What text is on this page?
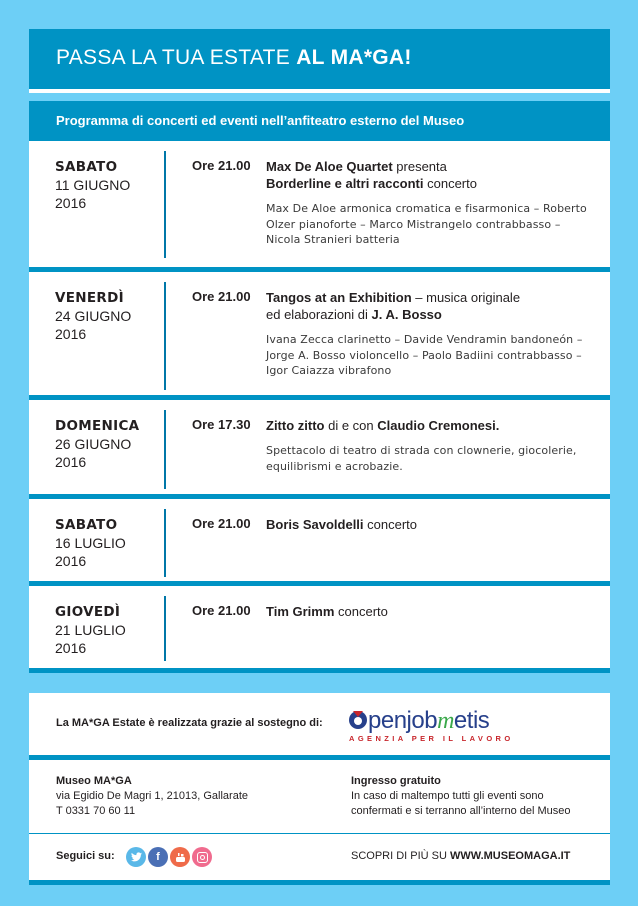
PASSA LA TUA ESTATE AL MA*GA!
Programma di concerti ed eventi nell’anfiteatro esterno del Museo
SABATO
11 GIUGNO
2016
Ore 21.00 Max De Aloe Quartet presenta
Borderline e altri racconti concerto
Max De Aloe armonica cromatica e fisarmonica – Roberto Olzer pianoforte – Marco Mistrangelo contrabbasso – Nicola Stranieri batteria
VENERDÌ
24 GIUGNO
2016
Ore 21.00 Tangos at an Exhibition – musica originale
ed elaborazioni di J. A. Bosso
Ivana Zecca clarinetto – Davide Vendramin bandoneón – Jorge A. Bosso violoncello – Paolo Badiini contrabbasso – Igor Caiazza vibrafono
DOMENICA
26 GIUGNO
2016
Ore 17.30 Zitto zitto di e con Claudio Cremonesi.
Spettacolo di teatro di strada con clownerie, giocolerie, equilibrismi e acrobazie.
SABATO
16 LUGLIO
2016
Ore 21.00 Boris Savoldelli concerto
GIOVEDÌ
21 LUGLIO
2016
Ore 21.00 Tim Grimm concerto
La MA*GA Estate è realizzata grazie al sostegno di:	penjobmetis
AGENZIA PER IL LAVORO
Museo MA*GA
via Egidio De Magri 1, 21013, Gallarate
T 0331 70 60 11
Ingresso gratuito
In caso di maltempo tutti gli eventi sono
confermati e si terranno all’interno del Museo
Seguici su:	f	SCOPRI DI PIÙ SU WWW.MUSEOMAGA.IT
